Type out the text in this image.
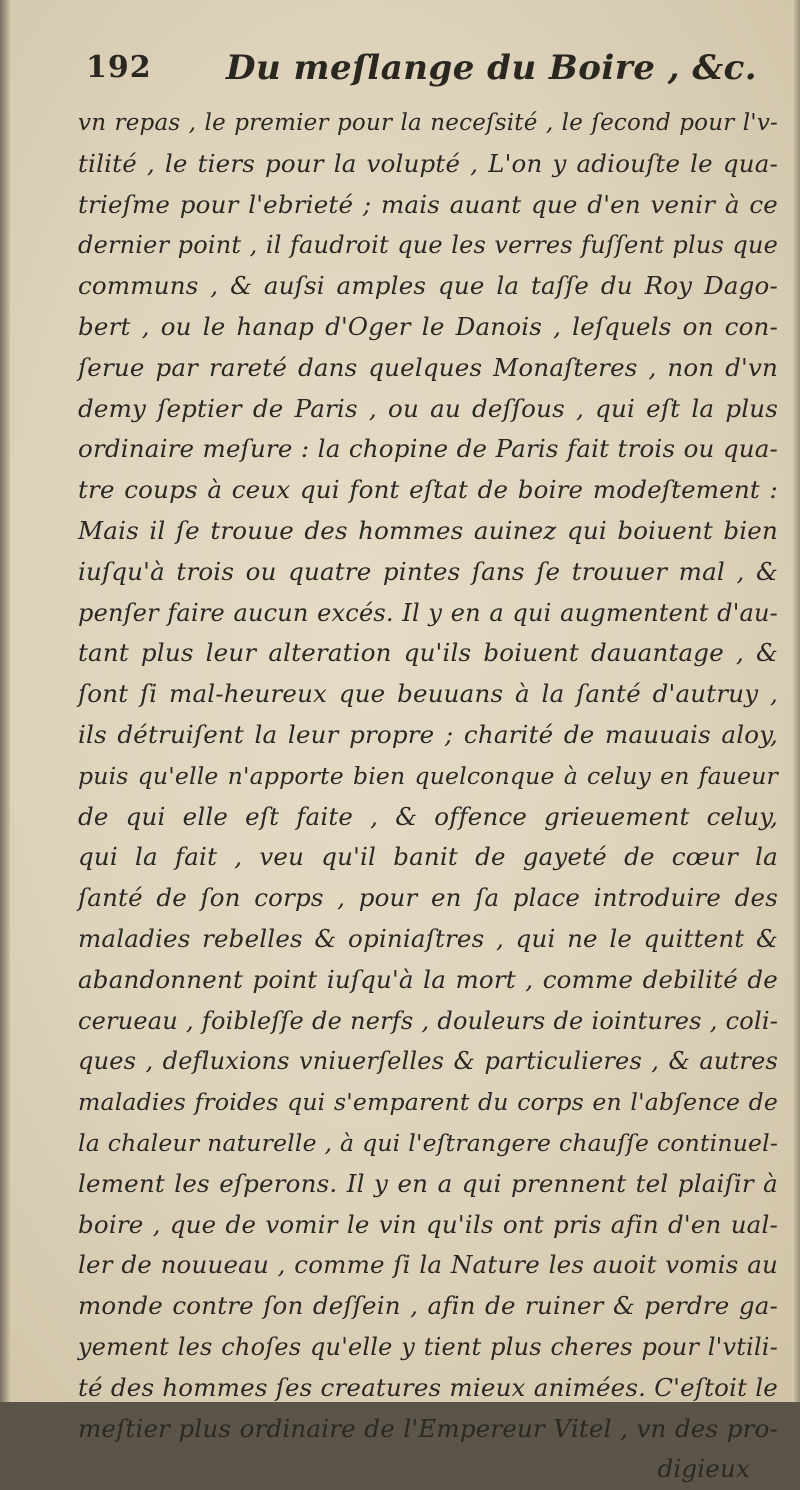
192 Du meſlange du Boire , &c.
vn repas , le premier pour la neceſsité , le ſecond pour l'v-
tilité , le tiers pour la volupté , L'on y adiouſte le qua-
trieſme pour l'ebrieté ; mais auant que d'en venir à ce
dernier point , il faudroit que les verres fuſſent plus que
communs , & auſsi amples que la taſſe du Roy Dago-
bert , ou le hanap d'Oger le Danois , leſquels on con-
ſerue par rareté dans quelques Monaſteres , non d'vn
demy ſeptier de Paris , ou au deſſous , qui eſt la plus
ordinaire meſure : la chopine de Paris fait trois ou qua-
tre coups à ceux qui font eſtat de boire modeſtement :
Mais il ſe trouue des hommes auinez qui boiuent bien
iuſqu'à trois ou quatre pintes ſans ſe trouuer mal , &
penſer faire aucun excés. Il y en a qui augmentent d'au-
tant plus leur alteration qu'ils boiuent dauantage , &
ſont ſi mal-heureux que beuuans à la ſanté d'autruy ,
ils détruiſent la leur propre ; charité de mauuais aloy,
puis qu'elle n'apporte bien quelconque à celuy en faueur
de qui elle eſt faite , & offence grieuement celuy,
qui la fait , veu qu'il banit de gayeté de cœur la
ſanté de ſon corps , pour en ſa place introduire des
maladies rebelles & opiniaſtres , qui ne le quittent &
abandonnent point iuſqu'à la mort , comme debilité de
cerueau , foibleſſe de nerfs , douleurs de iointures , coli-
ques , defluxions vniuerſelles & particulieres , & autres
maladies froides qui s'emparent du corps en l'abſence de
la chaleur naturelle , à qui l'eſtrangere chauſſe continuel-
lement les eſperons. Il y en a qui prennent tel plaiſir à
boire , que de vomir le vin qu'ils ont pris afin d'en ual-
ler de nouueau , comme ſi la Nature les auoit vomis au
monde contre ſon deſſein , afin de ruiner & perdre ga-
yement les choſes qu'elle y tient plus cheres pour l'vtili-
té des hommes ſes creatures mieux animées. C'eſtoit le
meſtier plus ordinaire de l'Empereur Vitel , vn des pro-
digieux
